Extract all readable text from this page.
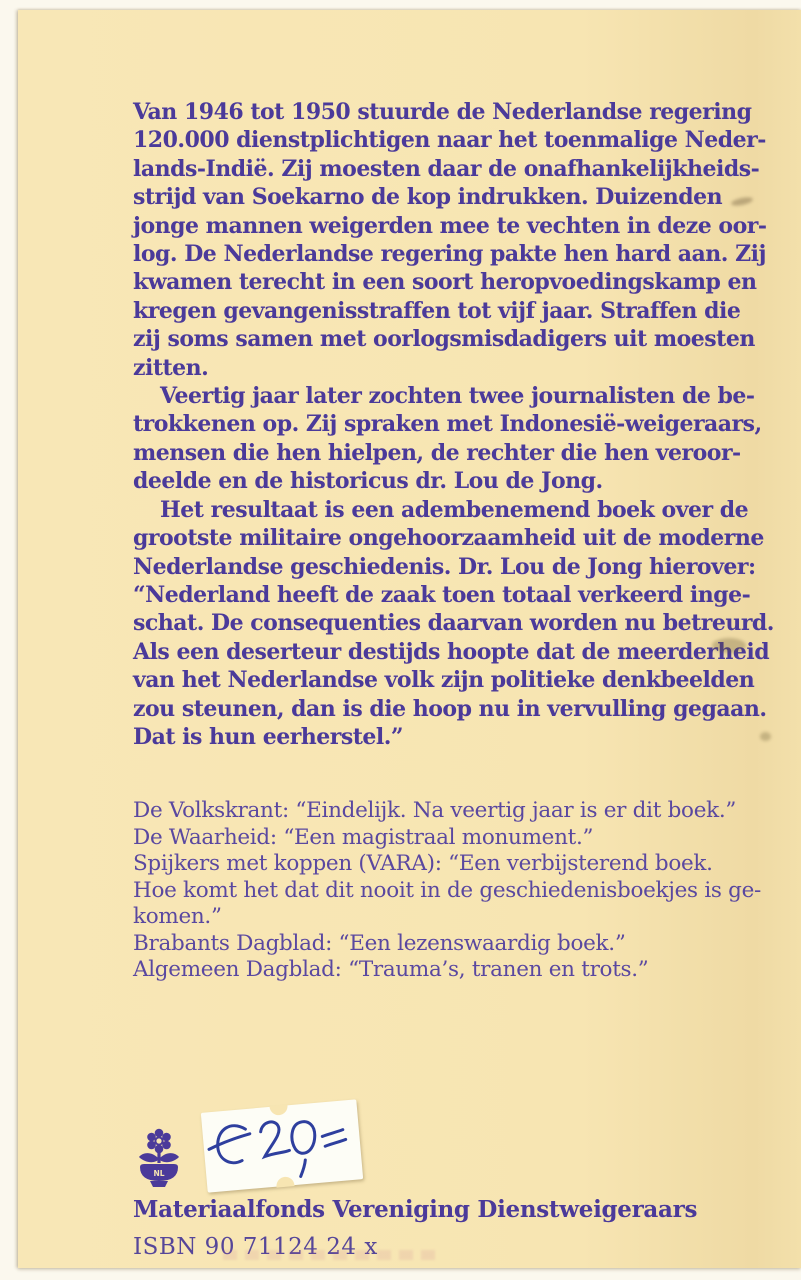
Van 1946 tot 1950 stuurde de Nederlandse regering
120.000 dienstplichtigen naar het toenmalige Neder-
lands-Indië. Zij moesten daar de onafhankelijkheids-
strijd van Soekarno de kop indrukken. Duizenden
jonge mannen weigerden mee te vechten in deze oor-
log. De Nederlandse regering pakte hen hard aan. Zij
kwamen terecht in een soort heropvoedingskamp en
kregen gevangenisstraffen tot vijf jaar. Straffen die
zij soms samen met oorlogsmisdadigers uit moesten
zitten.
Veertig jaar later zochten twee journalisten de be-
trokkenen op. Zij spraken met Indonesië-weigeraars,
mensen die hen hielpen, de rechter die hen veroor-
deelde en de historicus dr. Lou de Jong.
Het resultaat is een adembenemend boek over de
grootste militaire ongehoorzaamheid uit de moderne
Nederlandse geschiedenis. Dr. Lou de Jong hierover:
“Nederland heeft de zaak toen totaal verkeerd inge-
schat. De consequenties daarvan worden nu betreurd.
Als een deserteur destijds hoopte dat de meerderheid
van het Nederlandse volk zijn politieke denkbeelden
zou steunen, dan is die hoop nu in vervulling gegaan.
Dat is hun eerherstel.”
De Volkskrant: “Eindelijk. Na veertig jaar is er dit boek.”
De Waarheid: “Een magistraal monument.”
Spijkers met koppen (VARA): “Een verbijsterend boek.
Hoe komt het dat dit nooit in de geschiedenisboekjes is ge-
komen.”
Brabants Dagblad: “Een lezenswaardig boek.”
Algemeen Dagblad: “Trauma’s, tranen en trots.”
NL
Materiaalfonds Vereniging Dienstweigeraars
ISBN 90 71124 24 x
